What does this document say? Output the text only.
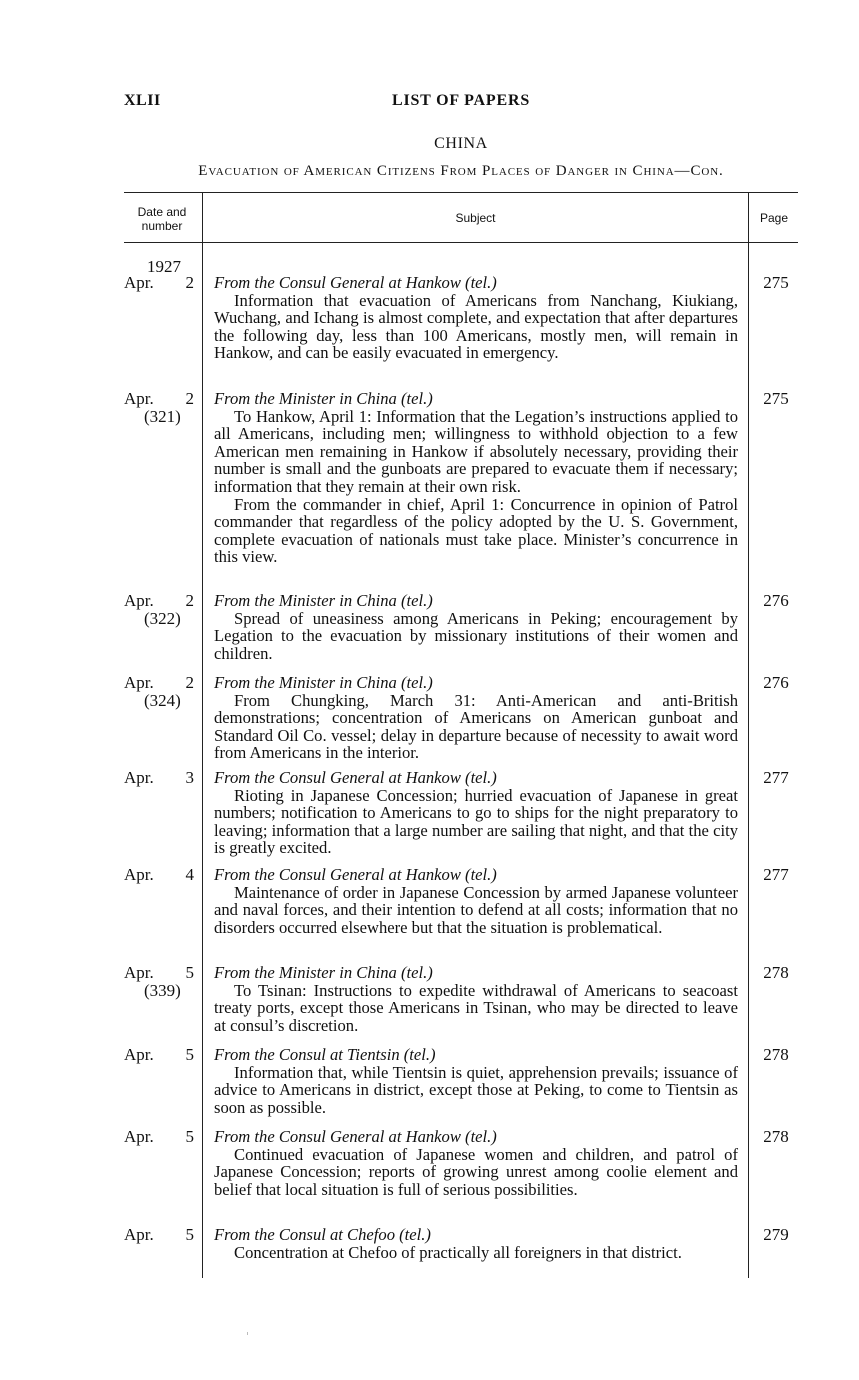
XLII	LIST OF PAPERS
CHINA
Evacuation of American Citizens From Places of Danger in China—Con.
Date and number
Subject	Page
1927
Apr. 2 From the Consul General at Hankow (tel.)
Information that evacuation of Americans from Nanchang, Kiukiang, Wuchang, and Ichang is almost complete, and expectation that after departures the following day, less than 100 Americans, mostly men, will remain in Hankow, and can be easily evacuated in emergency.
275
Apr. 2
(321)
From the Minister in China (tel.)
To Hankow, April 1: Information that the Legation’s instructions applied to all Americans, including men; willingness to withhold objection to a few American men remaining in Hankow if absolutely necessary, providing their number is small and the gunboats are prepared to evacuate them if necessary; information that they remain at their own risk.
From the commander in chief, April 1: Concurrence in opinion of Patrol commander that regardless of the policy adopted by the U. S. Government, complete evacuation of nationals must take place. Minister’s concurrence in this view.
275
Apr. 2
(322)
From the Minister in China (tel.)
Spread of uneasiness among Americans in Peking; encouragement by Legation to the evacuation by missionary institutions of their women and children.
276
Apr. 2
(324)
From the Minister in China (tel.)
From Chungking, March 31: Anti-American and anti-British demonstrations; concentration of Americans on American gunboat and Standard Oil Co. vessel; delay in departure because of necessity to await word from Americans in the interior.
276
Apr. 3 From the Consul General at Hankow (tel.)
Rioting in Japanese Concession; hurried evacuation of Japanese in great numbers; notification to Americans to go to ships for the night preparatory to leaving; information that a large number are sailing that night, and that the city is greatly excited.
277
Apr. 4 From the Consul General at Hankow (tel.)
Maintenance of order in Japanese Concession by armed Japanese volunteer and naval forces, and their intention to defend at all costs; information that no disorders occurred elsewhere but that the situation is problematical.
277
Apr. 5
(339)
From the Minister in China (tel.)
To Tsinan: Instructions to expedite withdrawal of Americans to seacoast treaty ports, except those Americans in Tsinan, who may be directed to leave at consul’s discretion.
278
Apr. 5 From the Consul at Tientsin (tel.)
Information that, while Tientsin is quiet, apprehension prevails; issuance of advice to Americans in district, except those at Peking, to come to Tientsin as soon as possible.
278
Apr. 5 From the Consul General at Hankow (tel.)
Continued evacuation of Japanese women and children, and patrol of Japanese Concession; reports of growing unrest among coolie element and belief that local situation is full of serious possibilities.
278
Apr. 5 From the Consul at Chefoo (tel.)
Concentration at Chefoo of practically all foreigners in that district.
279
